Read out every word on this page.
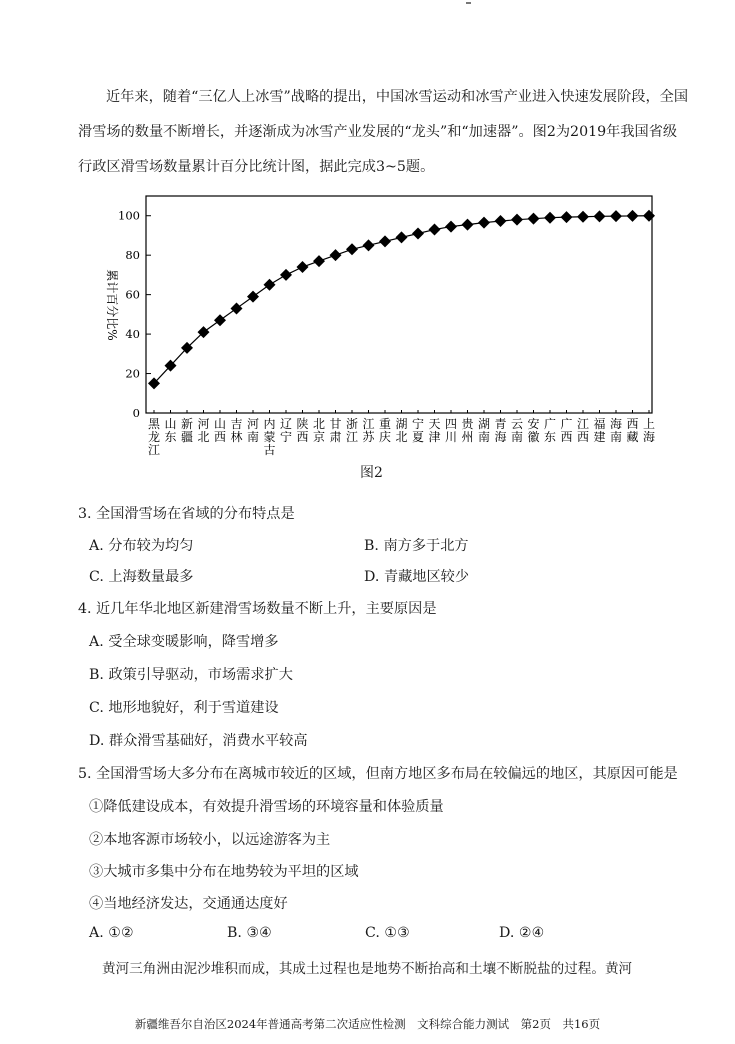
近年来，随着“三亿人上冰雪”战略的提出，中国冰雪运动和冰雪产业进入快速发展阶段，全国滑雪场的数量不断增长，并逐渐成为冰雪产业发展的“龙头”和“加速器”。图2为2019年我国省级行政区滑雪场数量累计百分比统计图，据此完成3~5题。

累计百分比%
0
20
40
60
80
100
黑龙江
山东
新疆
河北
山西
吉林
河南
内蒙古
辽宁
陕西
北京
甘肃
浙江
江苏
重庆
湖北
宁夏
天津
四川
贵州
湖南
青海
云南
安徽
广东
广西
江西
福建
海南
西藏
上海
图2
3. 全国滑雪场在省域的分布特点是
A. 分布较为均匀	B. 南方多于北方
C. 上海数量最多	D. 青藏地区较少
4. 近几年华北地区新建滑雪场数量不断上升，主要原因是
A. 受全球变暖影响，降雪增多
B. 政策引导驱动，市场需求扩大
C. 地形地貌好，利于雪道建设
D. 群众滑雪基础好，消费水平较高
5. 全国滑雪场大多分布在离城市较近的区域，但南方地区多布局在较偏远的地区，其原因可能是
①降低建设成本，有效提升滑雪场的环境容量和体验质量
②本地客源市场较小，以远途游客为主
③大城市多集中分布在地势较为平坦的区域
④当地经济发达，交通通达度好
A. ①②	B. ③④	C. ①③	D. ②④
黄河三角洲由泥沙堆积而成，其成土过程也是地势不断抬高和土壤不断脱盐的过程。黄河
新疆维吾尔自治区2024年普通高考第二次适应性检测　文科综合能力测试　第2页　共16页
